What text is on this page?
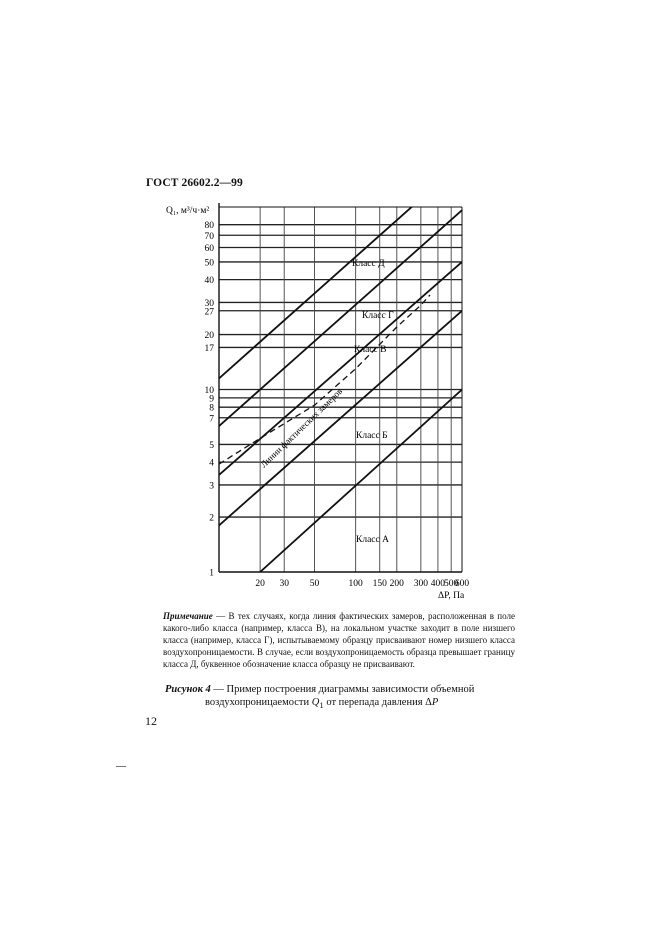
ГОСТ 26602.2—99
1
2
3
4
5
7
8
9
10
17
20
27
30
40
50
60
70
80
20 30 50	100 150 200 300 400
500
600
Класс Д
Класс Г
Класс В
Класс Б
Класс А
Линии фактических замеров
Q₁, м³/ч·м²
ΔP, Па
Примечание — В тех случаях, когда линия фактических замеров, расположенная в поле какого-либо класса (например, класса В), на локальном участке заходит в поле низшего класса (например, класса Г), испытываемому образцу присваивают номер низшего класса воздухопроницаемости. В случае, если воздухопроницаемость образца превышает границу класса Д, буквенное обозначение класса образцу не присваивают.
Рисунок 4 — Пример построения диаграммы зависимости объемной
воздухопроницаемости $Q_1$ от перепада давления ΔP
12
